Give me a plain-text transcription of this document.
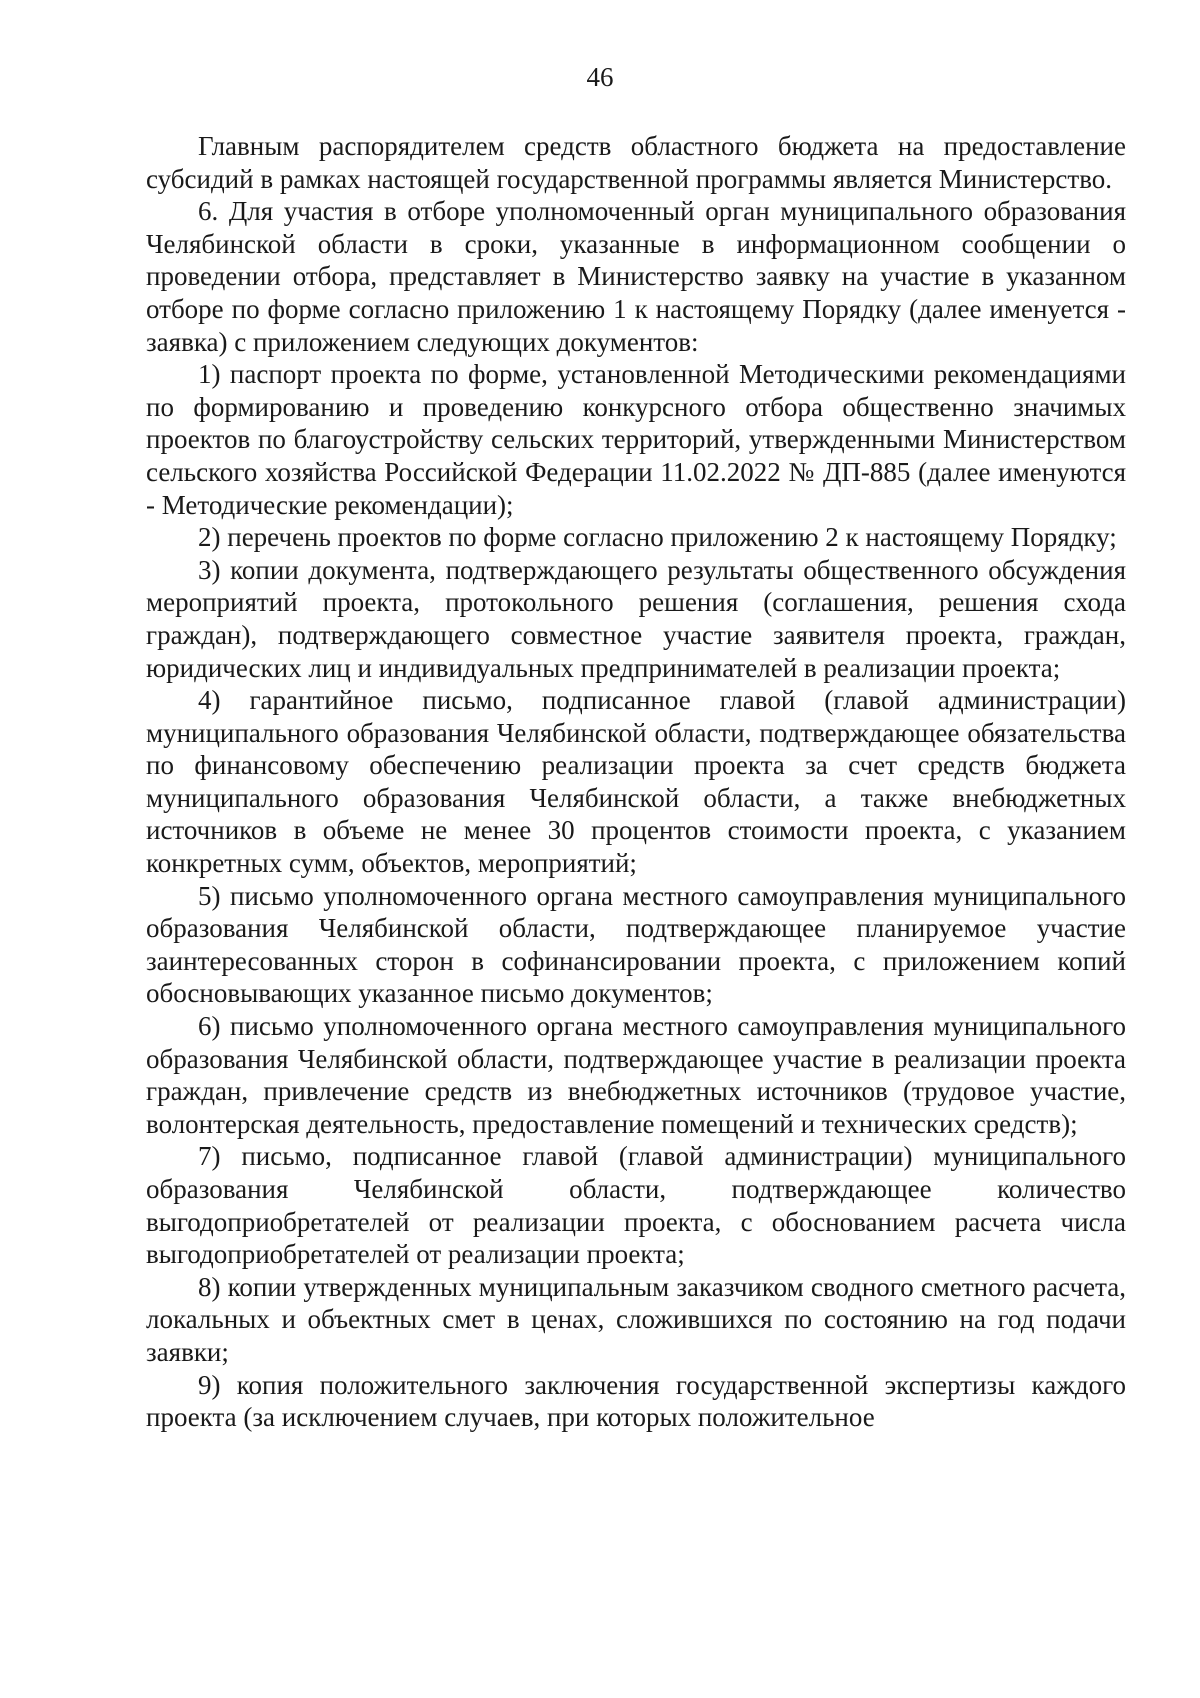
46

Главным распорядителем средств областного бюджета на предоставление субсидий в рамках настоящей государственной программы является Министерство.

6. Для участия в отборе уполномоченный орган муниципального образования Челябинской области в сроки, указанные в информационном сообщении о проведении отбора, представляет в Министерство заявку на участие в указанном отборе по форме согласно приложению 1 к настоящему Порядку (далее именуется - заявка) с приложением следующих документов:

1) паспорт проекта по форме, установленной Методическими рекомендациями по формированию и проведению конкурсного отбора общественно значимых проектов по благоустройству сельских территорий, утвержденными Министерством сельского хозяйства Российской Федерации 11.02.2022 № ДП-885 (далее именуются - Методические рекомендации);

2) перечень проектов по форме согласно приложению 2 к настоящему Порядку;

3) копии документа, подтверждающего результаты общественного обсуждения мероприятий проекта, протокольного решения (соглашения, решения схода граждан), подтверждающего совместное участие заявителя проекта, граждан, юридических лиц и индивидуальных предпринимателей в реализации проекта;

4) гарантийное письмо, подписанное главой (главой администрации) муниципального образования Челябинской области, подтверждающее обязательства по финансовому обеспечению реализации проекта за счет средств бюджета муниципального образования Челябинской области, а также внебюджетных источников в объеме не менее 30 процентов стоимости проекта, с указанием конкретных сумм, объектов, мероприятий;

5) письмо уполномоченного органа местного самоуправления муниципального образования Челябинской области, подтверждающее планируемое участие заинтересованных сторон в софинансировании проекта, с приложением копий обосновывающих указанное письмо документов;

6) письмо уполномоченного органа местного самоуправления муниципального образования Челябинской области, подтверждающее участие в реализации проекта граждан, привлечение средств из внебюджетных источников (трудовое участие, волонтерская деятельность, предоставление помещений и технических средств);

7) письмо, подписанное главой (главой администрации) муниципального образования Челябинской области, подтверждающее количество выгодоприобретателей от реализации проекта, с обоснованием расчета числа выгодоприобретателей от реализации проекта;

8) копии утвержденных муниципальным заказчиком сводного сметного расчета, локальных и объектных смет в ценах, сложившихся по состоянию на год подачи заявки;

9) копия положительного заключения государственной экспертизы каждого проекта (за исключением случаев, при которых положительное
